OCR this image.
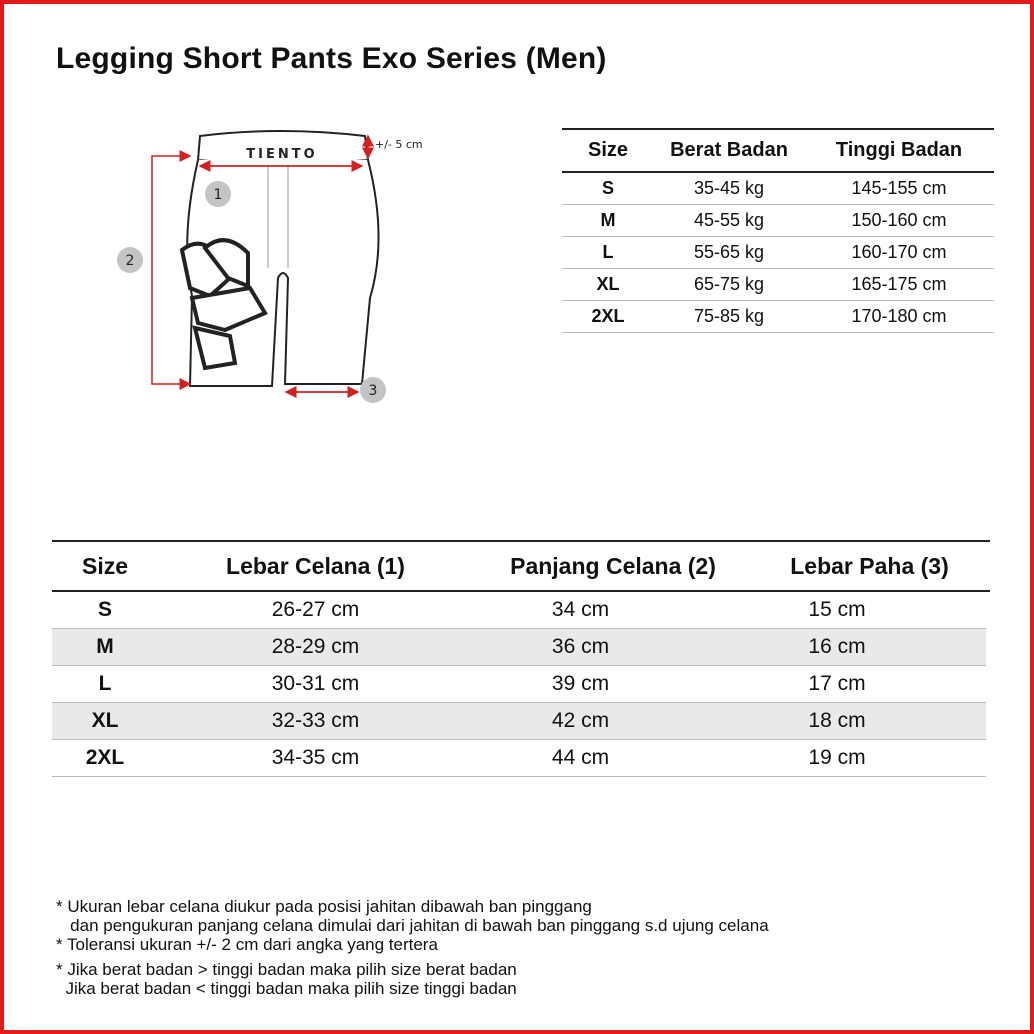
Legging Short Pants Exo Series (Men)
TIENTO
+/- 5 cm
1
2
3
Size	Berat Badan	Tinggi Badan
S	35-45 kg	145-155 cm
M	45-55 kg	150-160 cm
L	55-65 kg	160-170 cm
XL	65-75 kg	165-175 cm
2XL	75-85 kg	170-180 cm
Size	Lebar Celana (1)	Panjang Celana (2)	Lebar Paha (3)
S	26-27 cm	34 cm	15 cm
M	28-29 cm	36 cm	16 cm
L	30-31 cm	39 cm	17 cm
XL	32-33 cm	42 cm	18 cm
2XL	34-35 cm	44 cm	19 cm
* Ukuran lebar celana diukur pada posisi jahitan dibawah ban pinggang
dan pengukuran panjang celana dimulai dari jahitan di bawah ban pinggang s.d ujung celana
* Toleransi ukuran +/- 2 cm dari angka yang tertera
* Jika berat badan > tinggi badan maka pilih size berat badan
Jika berat badan < tinggi badan maka pilih size tinggi badan
